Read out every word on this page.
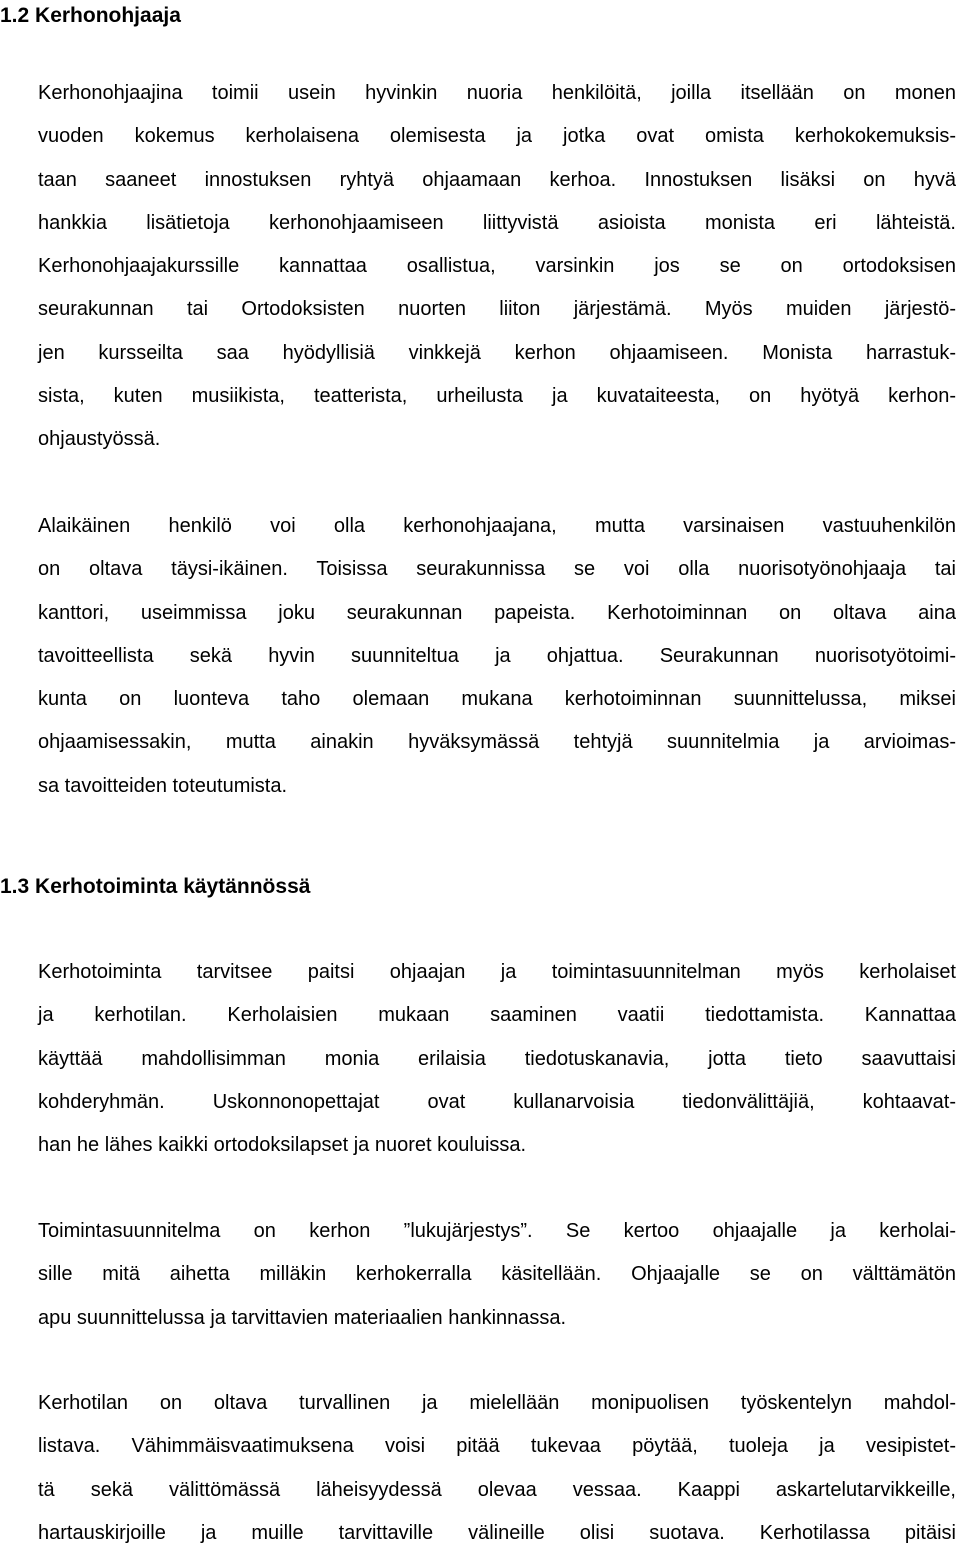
1.2 Kerhonohjaaja
Kerhonohjaajina toimii usein hyvinkin nuoria henkilöitä, joilla itsellään on monen
vuoden kokemus kerholaisena olemisesta ja jotka ovat omista kerhokokemuksis-
taan saaneet innostuksen ryhtyä ohjaamaan kerhoa. Innostuksen lisäksi on hyvä
hankkia lisätietoja kerhonohjaamiseen liittyvistä asioista monista eri lähteistä.
Kerhonohjaajakurssille kannattaa osallistua, varsinkin jos se on ortodoksisen
seurakunnan tai Ortodoksisten nuorten liiton järjestämä. Myös muiden järjestö-
jen kursseilta saa hyödyllisiä vinkkejä kerhon ohjaamiseen. Monista harrastuk-
sista, kuten musiikista, teatterista, urheilusta ja kuvataiteesta, on hyötyä kerhon-
ohjaustyössä.
Alaikäinen henkilö voi olla kerhonohjaajana, mutta varsinaisen vastuuhenkilön
on oltava täysi-ikäinen. Toisissa seurakunnissa se voi olla nuorisotyönohjaaja tai
kanttori, useimmissa joku seurakunnan papeista. Kerhotoiminnan on oltava aina
tavoitteellista sekä hyvin suunniteltua ja ohjattua. Seurakunnan nuorisotyötoimi-
kunta on luonteva taho olemaan mukana kerhotoiminnan suunnittelussa, miksei
ohjaamisessakin, mutta ainakin hyväksymässä tehtyjä suunnitelmia ja arvioimas-
sa tavoitteiden toteutumista.
1.3 Kerhotoiminta käytännössä
Kerhotoiminta tarvitsee paitsi ohjaajan ja toimintasuunnitelman myös kerholaiset
ja kerhotilan. Kerholaisien mukaan saaminen vaatii tiedottamista. Kannattaa
käyttää mahdollisimman monia erilaisia tiedotuskanavia, jotta tieto saavuttaisi
kohderyhmän. Uskonnonopettajat ovat kullanarvoisia tiedonvälittäjiä, kohtaavat-
han he lähes kaikki ortodoksilapset ja nuoret kouluissa.
Toimintasuunnitelma on kerhon ”lukujärjestys”. Se kertoo ohjaajalle ja kerholai-
sille mitä aihetta milläkin kerhokerralla käsitellään. Ohjaajalle se on välttämätön
apu suunnittelussa ja tarvittavien materiaalien hankinnassa.
Kerhotilan on oltava turvallinen ja mielellään monipuolisen työskentelyn mahdol-
listava. Vähimmäisvaatimuksena voisi pitää tukevaa pöytää, tuoleja ja vesipistet-
tä sekä välittömässä läheisyydessä olevaa vessaa. Kaappi askartelutarvikkeille,
hartauskirjoille ja muille tarvittaville välineille olisi suotava. Kerhotilassa pitäisi
